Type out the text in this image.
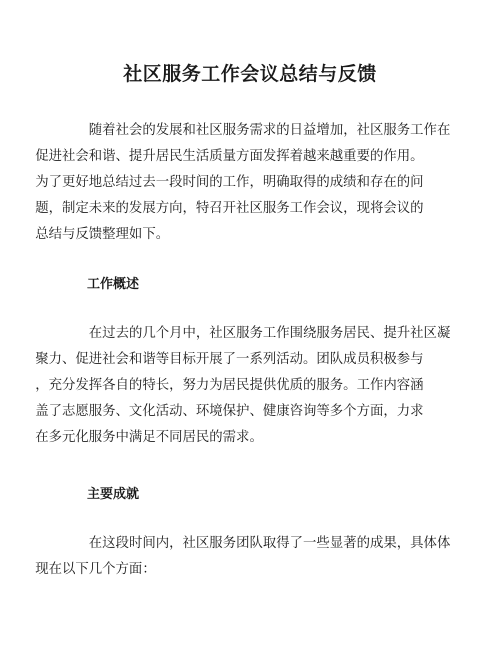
社区服务工作会议总结与反馈

随着社会的发展和社区服务需求的日益增加，社区服务工作在
促进社会和谐、提升居民生活质量方面发挥着越来越重要的作用。
为了更好地总结过去一段时间的工作，明确取得的成绩和存在的问
题，制定未来的发展方向，特召开社区服务工作会议，现将会议的
总结与反馈整理如下。

工作概述

在过去的几个月中，社区服务工作围绕服务居民、提升社区凝
聚力、促进社会和谐等目标开展了一系列活动。团队成员积极参与
，充分发挥各自的特长，努力为居民提供优质的服务。工作内容涵
盖了志愿服务、文化活动、环境保护、健康咨询等多个方面，力求
在多元化服务中满足不同居民的需求。

主要成就

在这段时间内，社区服务团队取得了一些显著的成果，具体体
现在以下几个方面：
